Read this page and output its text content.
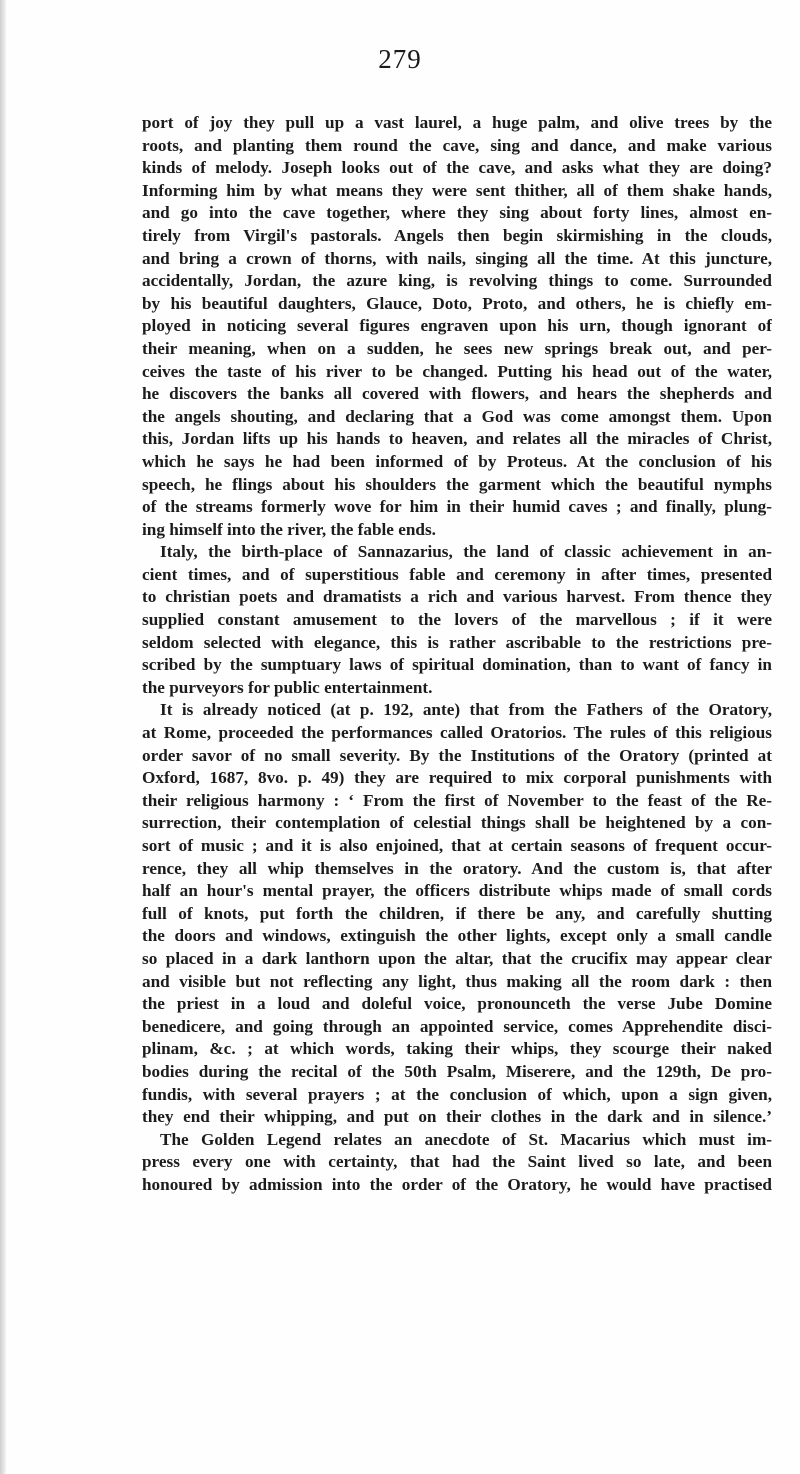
279
port of joy they pull up a vast laurel, a huge palm, and olive trees by the
roots, and planting them round the cave, sing and dance, and make various
kinds of melody. Joseph looks out of the cave, and asks what they are doing?
Informing him by what means they were sent thither, all of them shake hands,
and go into the cave together, where they sing about forty lines, almost en-
tirely from Virgil's pastorals. Angels then begin skirmishing in the clouds,
and bring a crown of thorns, with nails, singing all the time. At this juncture,
accidentally, Jordan, the azure king, is revolving things to come. Surrounded
by his beautiful daughters, Glauce, Doto, Proto, and others, he is chiefly em-
ployed in noticing several figures engraven upon his urn, though ignorant of
their meaning, when on a sudden, he sees new springs break out, and per-
ceives the taste of his river to be changed. Putting his head out of the water,
he discovers the banks all covered with flowers, and hears the shepherds and
the angels shouting, and declaring that a God was come amongst them. Upon
this, Jordan lifts up his hands to heaven, and relates all the miracles of Christ,
which he says he had been informed of by Proteus. At the conclusion of his
speech, he flings about his shoulders the garment which the beautiful nymphs
of the streams formerly wove for him in their humid caves ; and finally, plung-
ing himself into the river, the fable ends.
Italy, the birth-place of Sannazarius, the land of classic achievement in an-
cient times, and of superstitious fable and ceremony in after times, presented
to christian poets and dramatists a rich and various harvest. From thence they
supplied constant amusement to the lovers of the marvellous ; if it were
seldom selected with elegance, this is rather ascribable to the restrictions pre-
scribed by the sumptuary laws of spiritual domination, than to want of fancy in
the purveyors for public entertainment.
It is already noticed (at p. 192, ante) that from the Fathers of the Oratory,
at Rome, proceeded the performances called Oratorios. The rules of this religious
order savor of no small severity. By the Institutions of the Oratory (printed at
Oxford, 1687, 8vo. p. 49) they are required to mix corporal punishments with
their religious harmony : ‘ From the first of November to the feast of the Re-
surrection, their contemplation of celestial things shall be heightened by a con-
sort of music ; and it is also enjoined, that at certain seasons of frequent occur-
rence, they all whip themselves in the oratory. And the custom is, that after
half an hour's mental prayer, the officers distribute whips made of small cords
full of knots, put forth the children, if there be any, and carefully shutting
the doors and windows, extinguish the other lights, except only a small candle
so placed in a dark lanthorn upon the altar, that the crucifix may appear clear
and visible but not reflecting any light, thus making all the room dark : then
the priest in a loud and doleful voice, pronounceth the verse Jube Domine
benedicere, and going through an appointed service, comes Apprehendite disci-
plinam, &c. ; at which words, taking their whips, they scourge their naked
bodies during the recital of the 50th Psalm, Miserere, and the 129th, De pro-
fundis, with several prayers ; at the conclusion of which, upon a sign given,
they end their whipping, and put on their clothes in the dark and in silence.’
The Golden Legend relates an anecdote of St. Macarius which must im-
press every one with certainty, that had the Saint lived so late, and been
honoured by admission into the order of the Oratory, he would have practised
